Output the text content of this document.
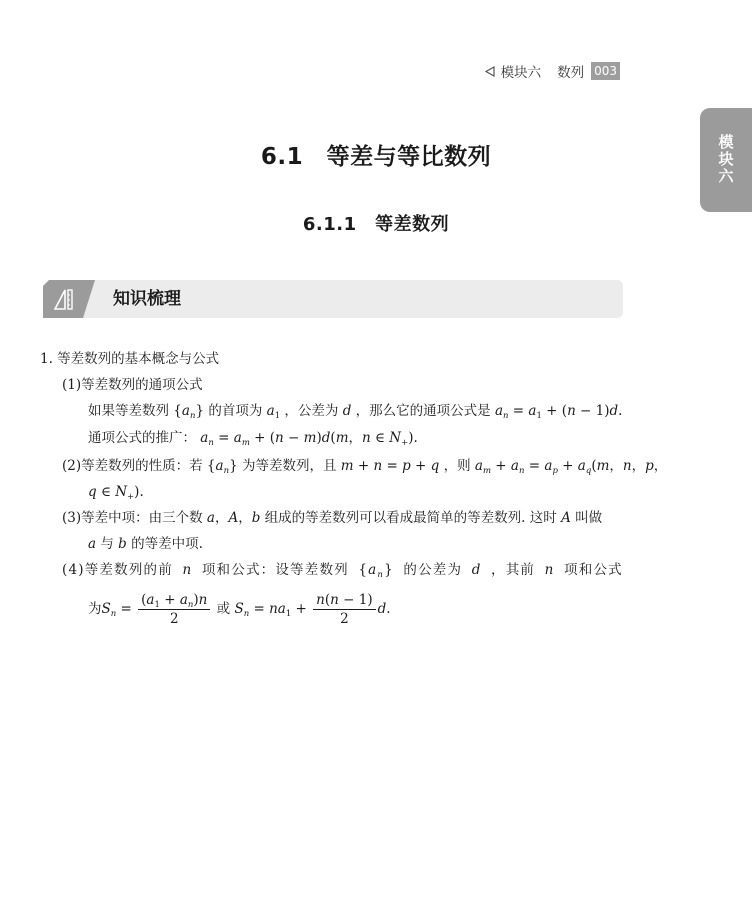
模块六 数列 003
模
块
六
6.1　等差与等比数列
6.1.1　等差数列
知识梳理
1. 等差数列的基本概念与公式
(1)等差数列的通项公式
如果等差数列 $\{a_n\}$ 的首项为 $a_1$ ，公差为 d ，那么它的通项公式是 $a_n = a_1 + (n - 1)d$.
通项公式的推广： $a_n = a_m + (n - m)d(m$，n ∈ $N_+$).
(2)等差数列的性质：若 $\{a_n\}$ 为等差数列，且 m + n = p + q ，则 $a_m + a_n = a_p + a_q(m$，n，p，
q ∈ $N_+$).
(3)等差中项：由三个数 a，A，b 组成的等差数列可以看成最简单的等差数列. 这时 A 叫做
a 与 b 的等差中项.
(4)等差数列的前 n 项和公式：设等差数列 $\{a_n\}$ 的公差为 d ，其前 n 项和公式
为$S_n = \frac{(a_1 + a_n)n}{2}$ 或 $S_n = na_1 + \frac{n(n - 1)}{2} d$.
